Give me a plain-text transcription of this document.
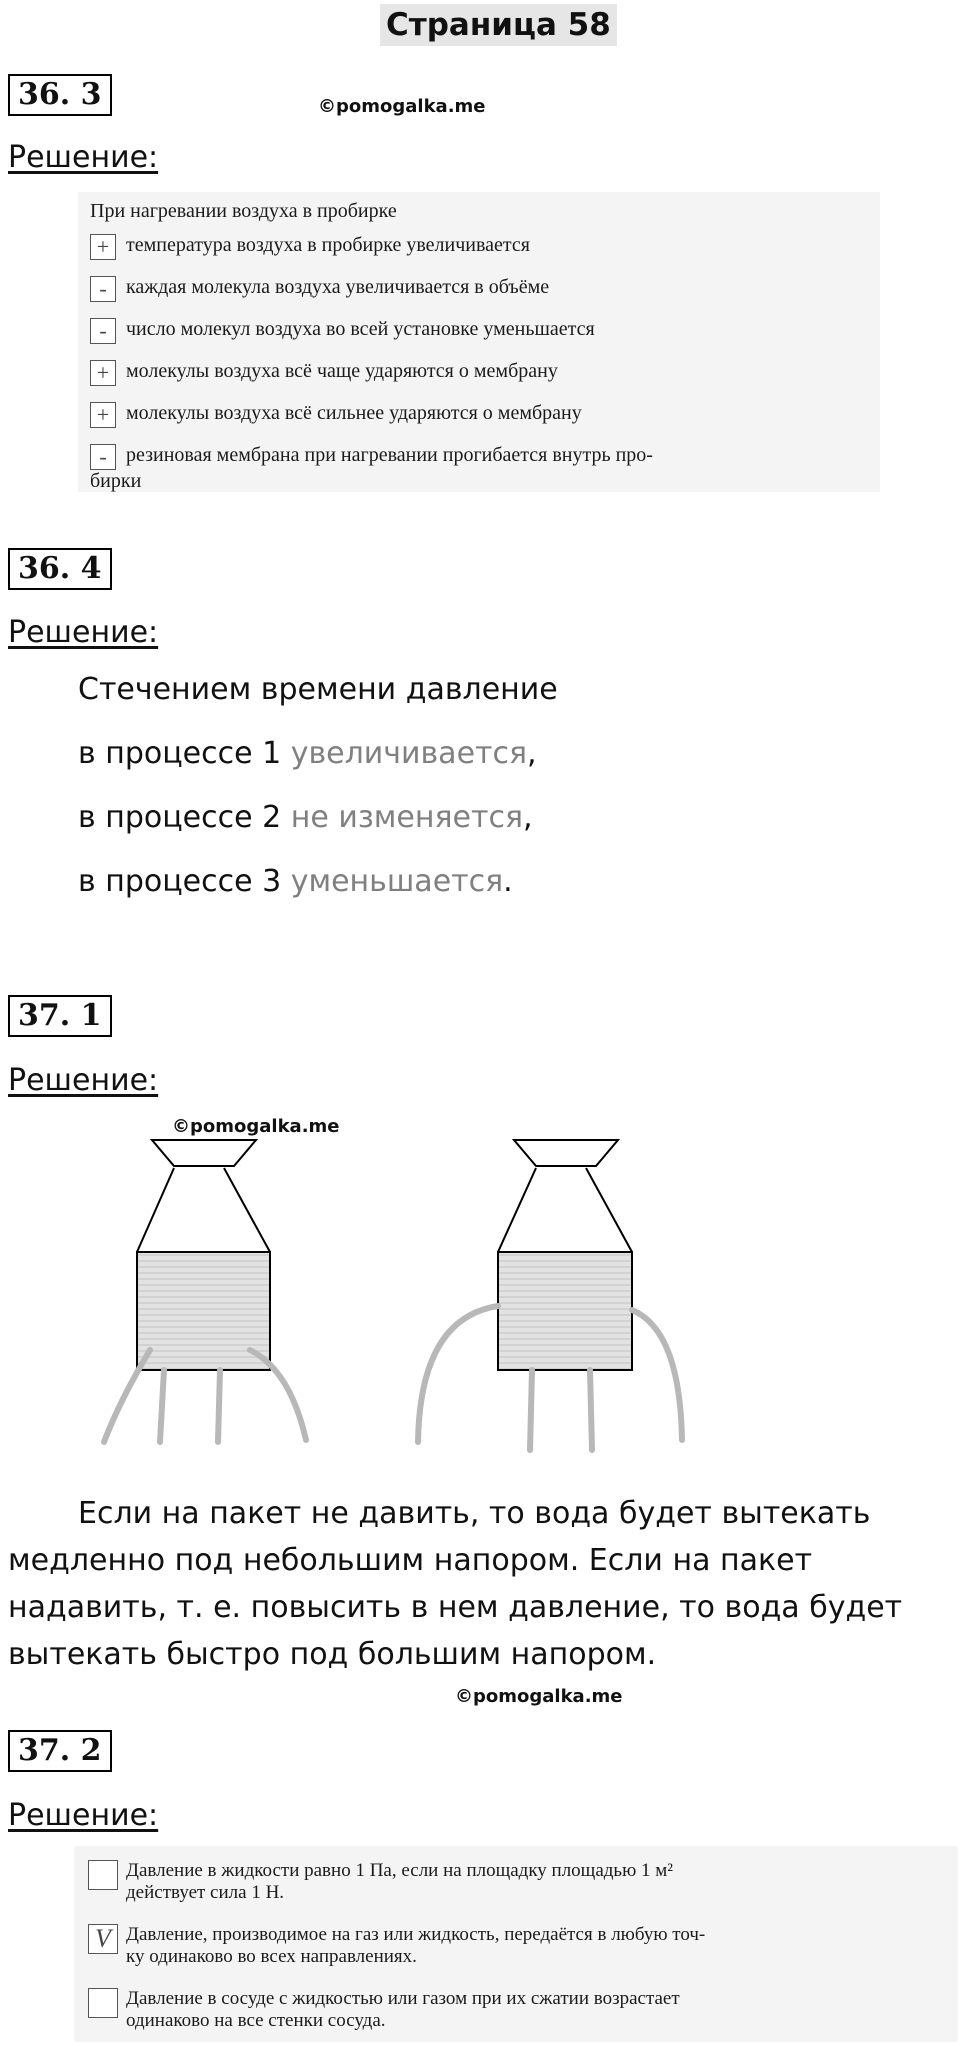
Страница 58
36. 3	©pomogalka.me
Решение:
При нагревании воздуха в пробирке
+ температура воздуха в пробирке увеличивается
- каждая молекула воздуха увеличивается в объёме
- число молекул воздуха во всей установке уменьшается
+ молекулы воздуха всё чаще ударяются о мембрану
+ молекулы воздуха всё сильнее ударяются о мембрану
- резиновая мембрана при нагревании прогибается внутрь про-
бирки
36. 4
Решение:
Стечением времени давление
в процессе 1 увеличивается,
в процессе 2 не изменяется,
в процессе 3 уменьшается.
37. 1
Решение:
©pomogalka.me

Если на пакет не давить, то вода будет вытекать

медленно под небольшим напором. Если на пакет

надавить, т. е. повысить в нем давление, то вода будет

вытекать быстро под большим напором.

©pomogalka.me
37. 2
Решение:
Давление в жидкости равно 1 Па, если на площадку площадью 1 м²
действует сила 1 Н.
V Давление, производимое на газ или жидкость, передаётся в любую точ-
ку одинаково во всех направлениях.
Давление в сосуде с жидкостью или газом при их сжатии возрастает
одинаково на все стенки сосуда.
